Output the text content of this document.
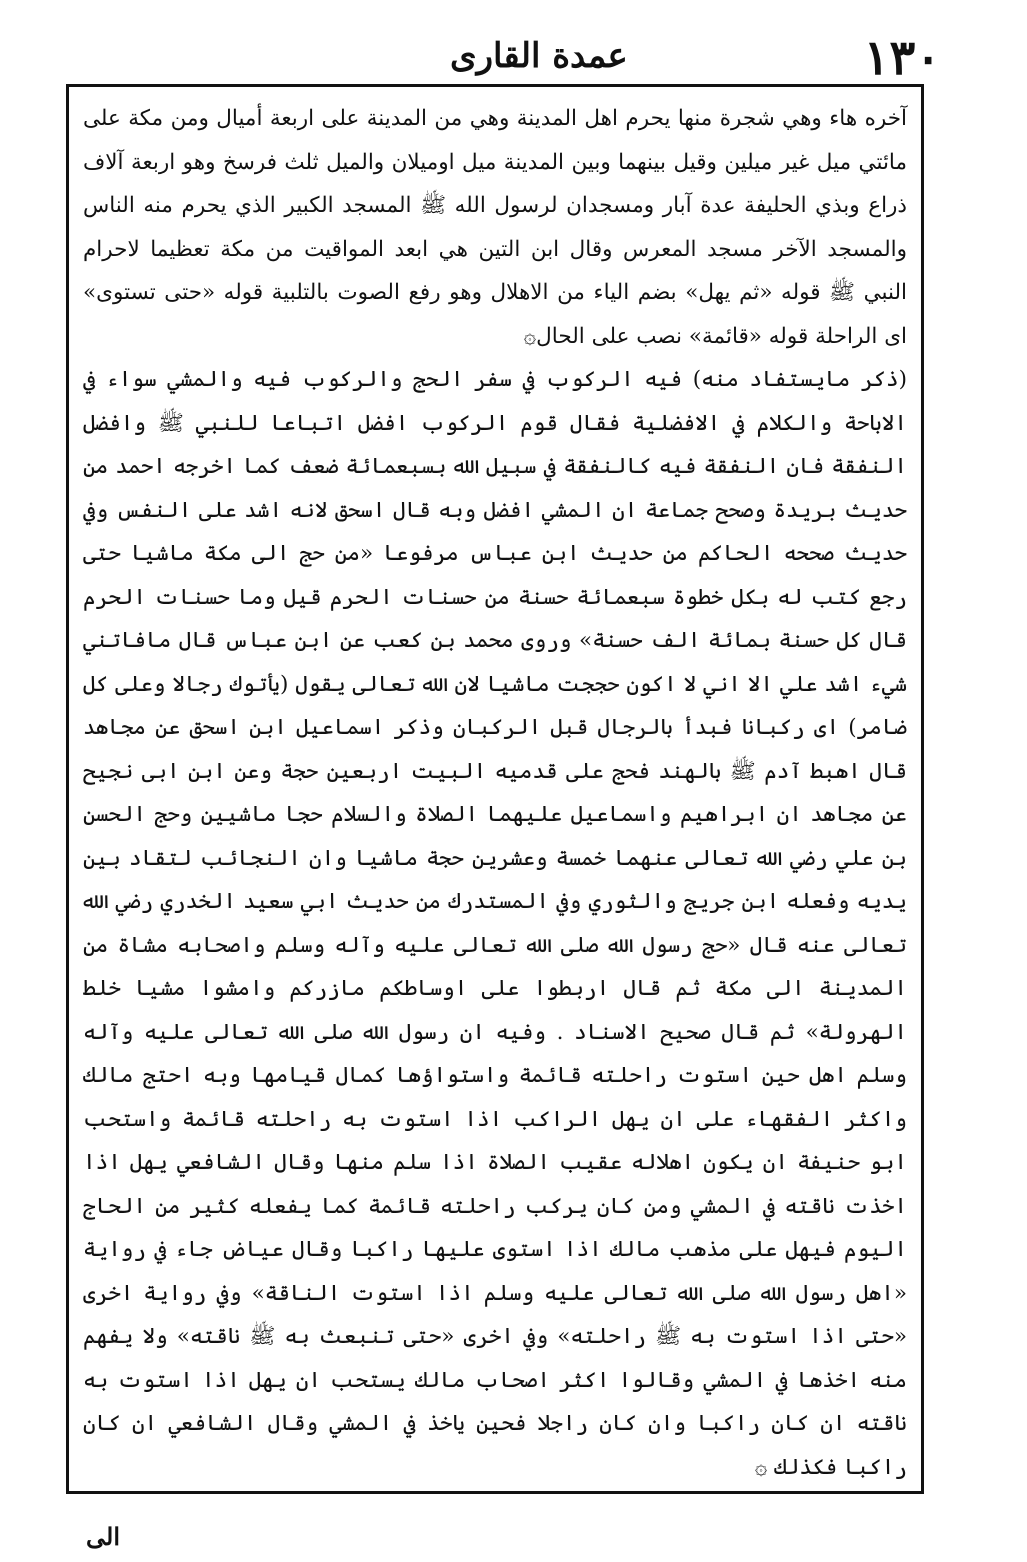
١٣٠
عمدة القارى

آخره هاء وهي شجرة منها يحرم اهل المدينة وهي من المدينة على اربعة أميال ومن مكة على مائتي ميل غير ميلين وقيل بينهما وبين المدينة ميل اوميلان والميل ثلث فرسخ وهو اربعة آلاف ذراع وبذي الحليفة عدة آبار ومسجدان لرسول الله ﷺ المسجد الكبير الذي يحرم منه الناس والمسجد الآخر مسجد المعرس وقال ابن التين هي ابعد المواقيت من مكة تعظيما لاحرام النبي ﷺ قوله «ثم يهل» بضم الياء من الاهلال وهو رفع الصوت بالتلبية قوله «حتى تستوى» اى الراحلة قوله «قائمة» نصب على الحال۞

(ذكر مايستفاد منه) فيه الركوب في سفر الحج والركوب فيه والمشي سواء في الاباحة والكلام في الافضلية فقال قوم الركوب افضل اتباعا للنبي ﷺ وافضل النفقة فان النفقة فيه كالنفقة في سبيل الله بسبعمائة ضعف كما اخرجه احمد من حديث بريدة وصحح جماعة ان المشي افضل وبه قال اسحق لانه اشد على النفس وفي حديث صححه الحاكم من حديث ابن عباس مرفوعا «من حج الى مكة ماشيا حتى رجع كتب له بكل خطوة سبعمائة حسنة من حسنات الحرم قيل وما حسنات الحرم قال كل حسنة بمائة الف حسنة» وروى محمد بن كعب عن ابن عباس قال مافاتني شيء اشد علي الا اني لا اكون حججت ماشيا لان الله تعالى يقول (يأتوك رجالا وعلى كل ضامر) اى ركبانا فبدأ بالرجال قبل الركبان وذكر اسماعيل ابن اسحق عن مجاهد قال اهبط آدم ﷺ بالهند فحج على قدميه البيت اربعين حجة وعن ابن ابى نجيح عن مجاهد ان ابراهيم واسماعيل عليهما الصلاة والسلام حجا ماشيين وحج الحسن بن علي رضي الله تعالى عنهما خمسة وعشرين حجة ماشيا وان النجائب لتقاد بين يديه وفعله ابن جريج والثوري وفي المستدرك من حديث ابي سعيد الخدري رضي الله تعالى عنه قال «حج رسول الله صلى الله تعالى عليه وآله وسلم واصحابه مشاة من المدينة الى مكة ثم قال اربطوا على اوساطكم مازركم وامشوا مشيا خلط الهرولة» ثم قال صحيح الاسناد . وفيه ان رسول الله صلى الله تعالى عليه وآله وسلم اهل حين استوت راحلته قائمة واستواؤها كمال قيامها وبه احتج مالك واكثر الفقهاء على ان يهل الراكب اذا استوت به راحلته قائمة واستحب ابو حنيفة ان يكون اهلاله عقيب الصلاة اذا سلم منها وقال الشافعي يهل اذا اخذت ناقته في المشي ومن كان يركب راحلته قائمة كما يفعله كثير من الحاج اليوم فيهل على مذهب مالك اذا استوى عليها راكبا وقال عياض جاء في رواية «اهل رسول الله صلى الله تعالى عليه وسلم اذا استوت الناقة» وفي رواية اخرى «حتى اذا استوت به ﷺ راحلته» وفي اخرى «حتى تنبعث به ﷺ ناقته» ولا يفهم منه اخذها في المشي وقالوا اكثر اصحاب مالك يستحب ان يهل اذا استوت به ناقته ان كان راكبا وان كان راجلا فحين ياخذ في المشي وقال الشافعي ان كان راكبا فكذلك ۞

الى
